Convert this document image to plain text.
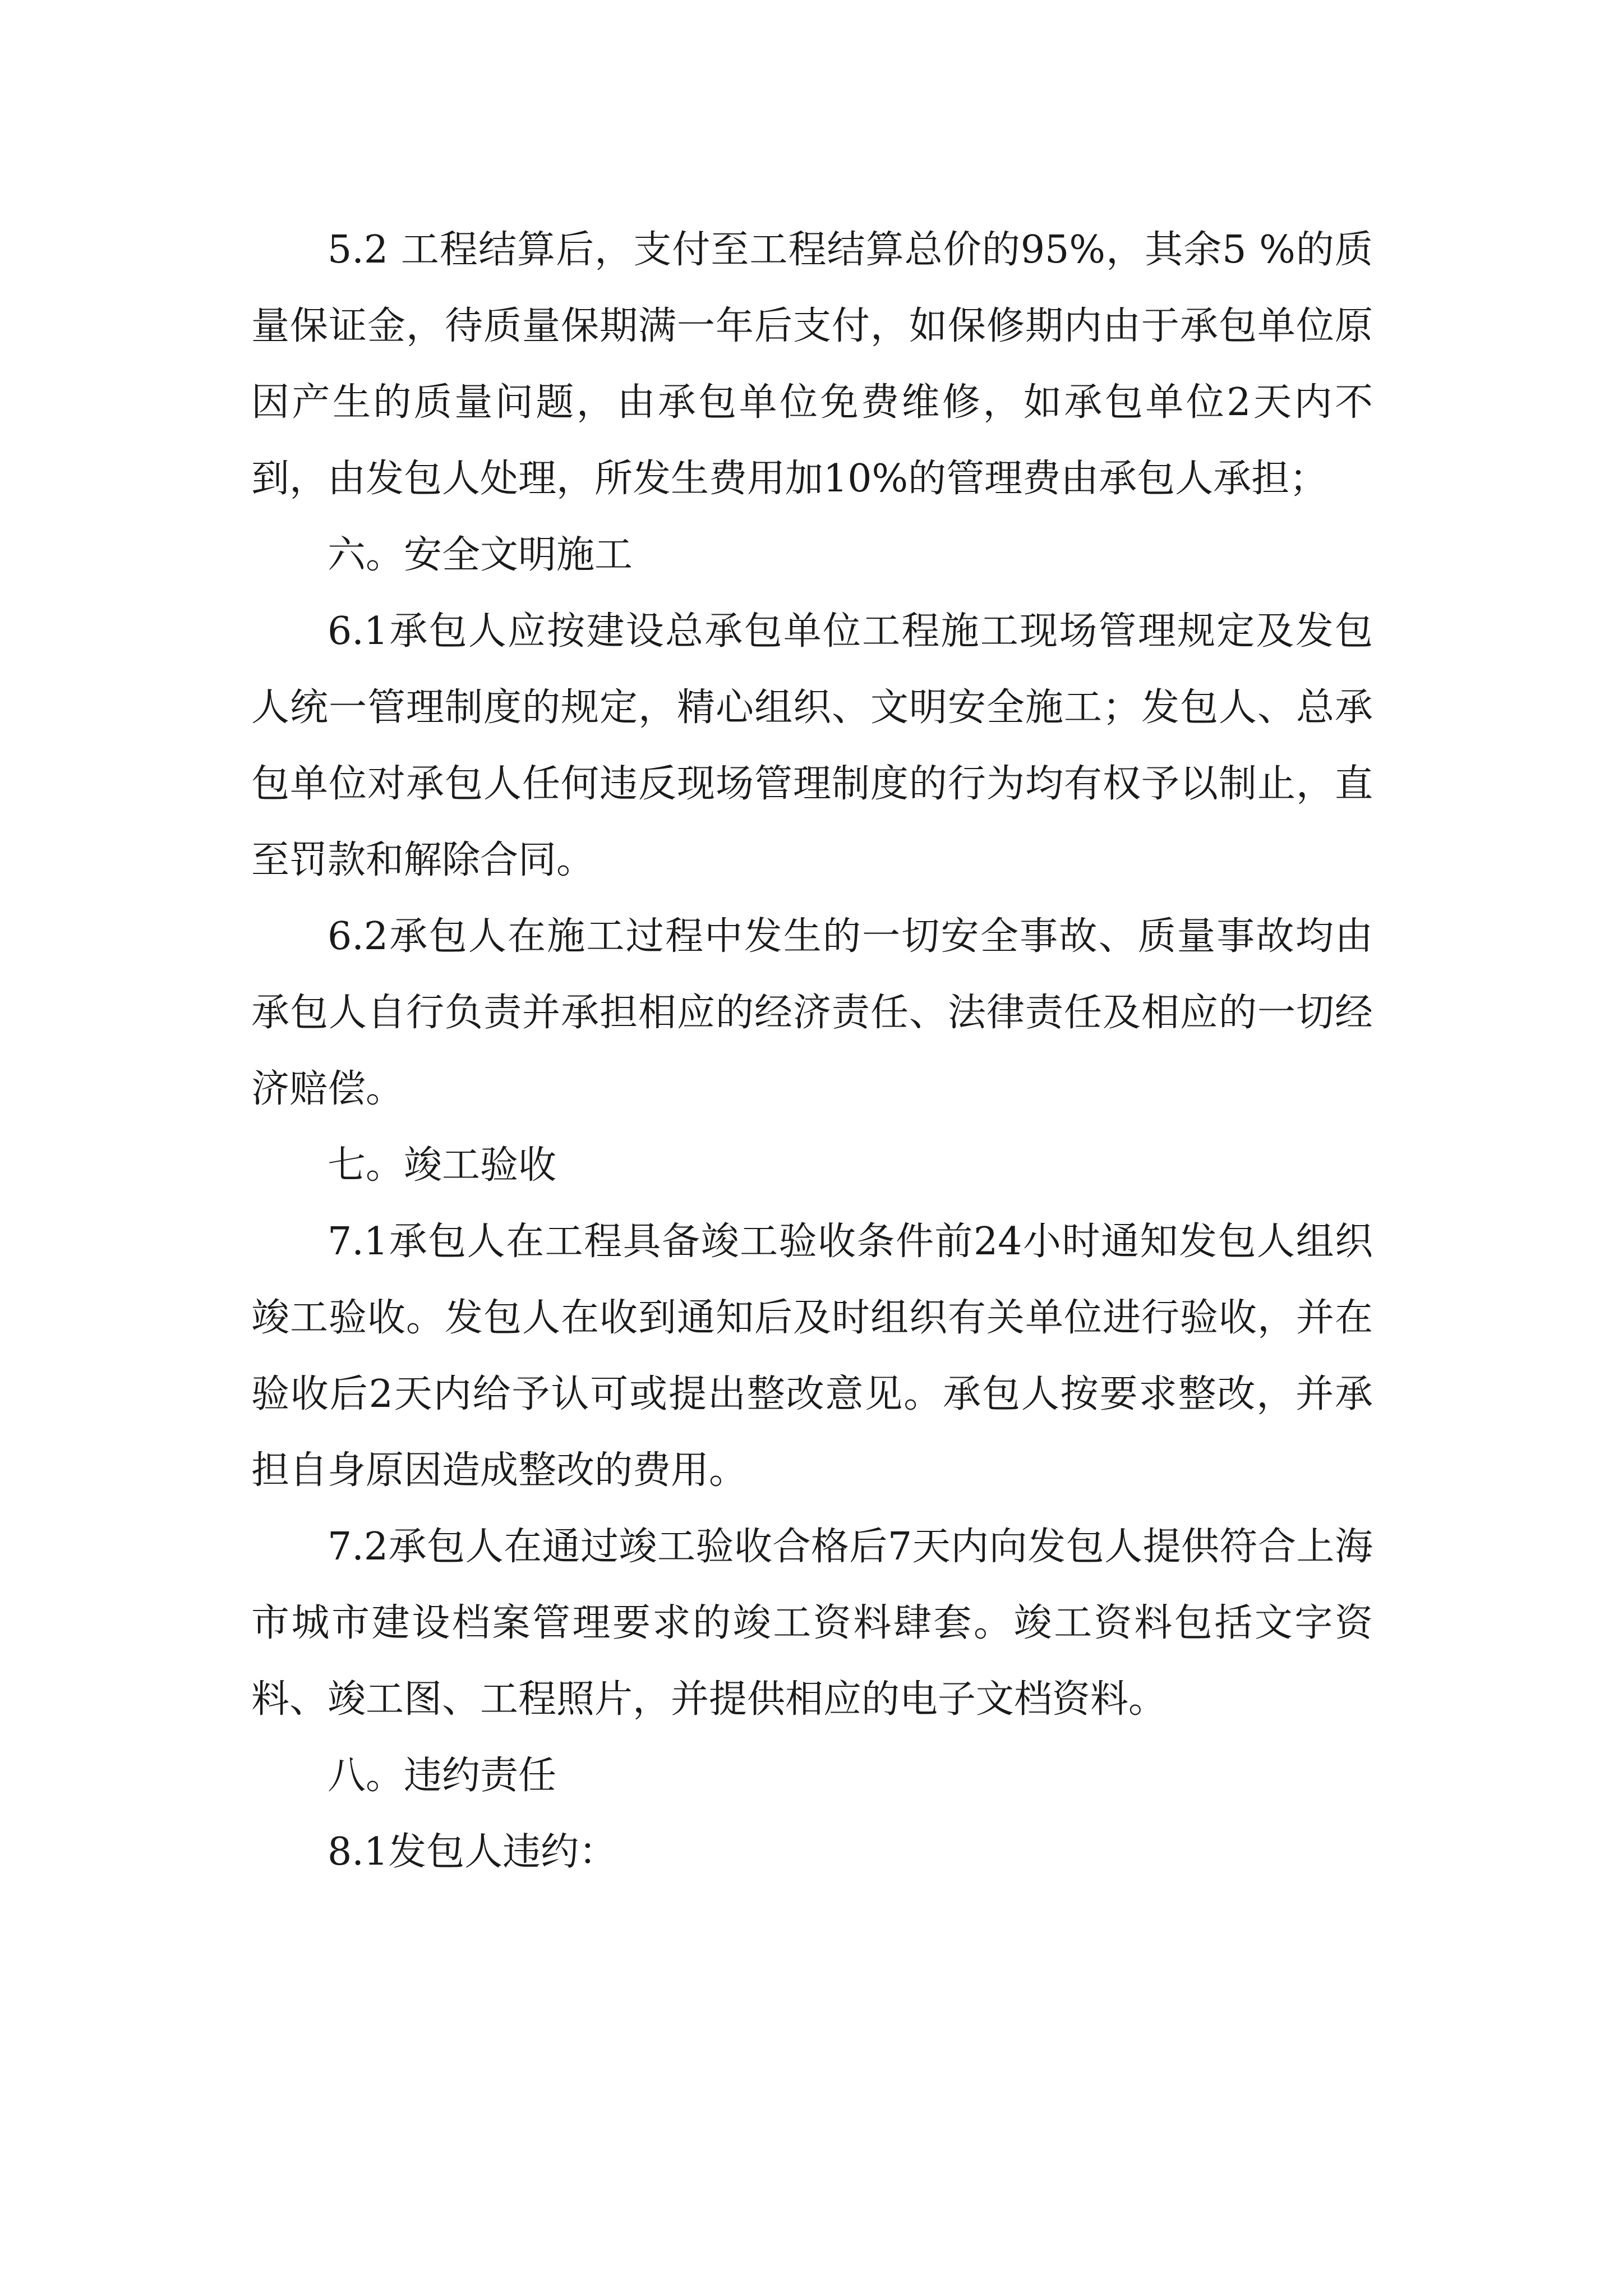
5.2 工程结算后，支付至工程结算总价的95%，其余5 %的质量保证金，待质量保期满一年后支付，如保修期内由于承包单位原因产生的质量问题，由承包单位免费维修，如承包单位2天内不到，由发包人处理，所发生费用加10%的管理费由承包人承担；

六。安全文明施工

6.1承包人应按建设总承包单位工程施工现场管理规定及发包人统一管理制度的规定，精心组织、文明安全施工；发包人、总承包单位对承包人任何违反现场管理制度的行为均有权予以制止，直至罚款和解除合同。

6.2承包人在施工过程中发生的一切安全事故、质量事故均由承包人自行负责并承担相应的经济责任、法律责任及相应的一切经济赔偿。

七。竣工验收

7.1承包人在工程具备竣工验收条件前24小时通知发包人组织竣工验收。发包人在收到通知后及时组织有关单位进行验收，并在验收后2天内给予认可或提出整改意见。承包人按要求整改，并承担自身原因造成整改的费用。

7.2承包人在通过竣工验收合格后7天内向发包人提供符合上海市城市建设档案管理要求的竣工资料肆套。竣工资料包括文字资料、竣工图、工程照片，并提供相应的电子文档资料。

八。违约责任

8.1发包人违约：
